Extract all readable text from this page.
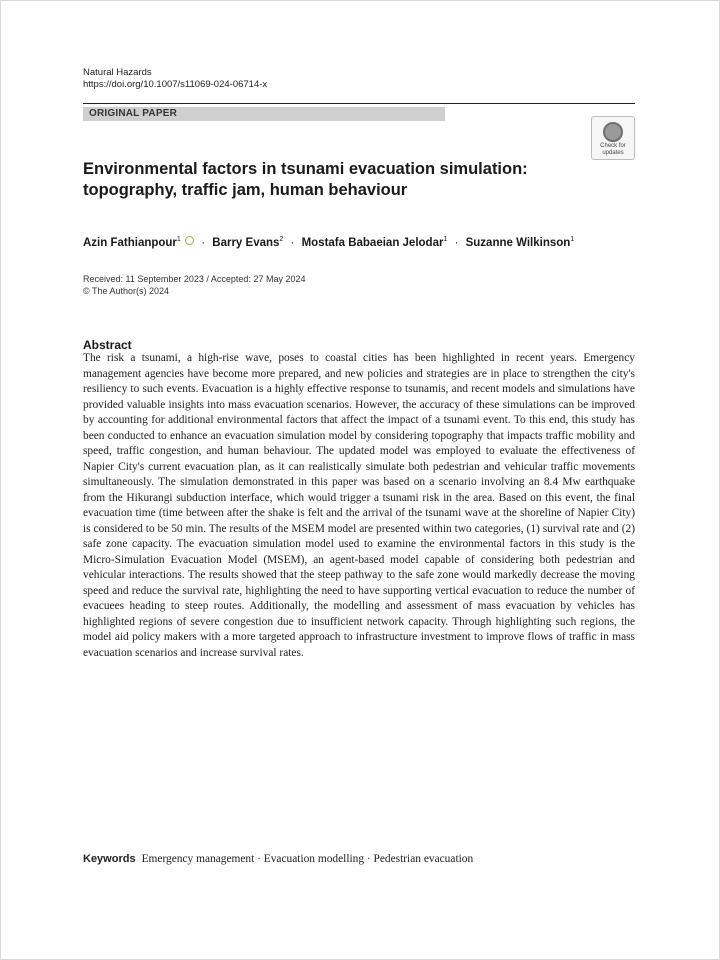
Natural Hazards
https://doi.org/10.1007/s11069-024-06714-x
ORIGINAL PAPER
Check for updates
Environmental factors in tsunami evacuation simulation: topography, traffic jam, human behaviour
Azin Fathianpour$^1$ · Barry Evans$^2$ · Mostafa Babaeian Jelodar$^1$ · Suzanne Wilkinson$^1$
Received: 11 September 2023 / Accepted: 27 May 2024
© The Author(s) 2024
Abstract

The risk a tsunami, a high-rise wave, poses to coastal cities has been highlighted in recent years. Emergency management agencies have become more prepared, and new policies and strategies are in place to strengthen the city's resiliency to such events. Evacuation is a highly effective response to tsunamis, and recent models and simulations have provided valuable insights into mass evacuation scenarios. However, the accuracy of these simulations can be improved by accounting for additional environmental factors that affect the impact of a tsunami event. To this end, this study has been conducted to enhance an evacuation simulation model by considering topography that impacts traffic mobility and speed, traffic congestion, and human behaviour. The updated model was employed to evaluate the effectiveness of Napier City's current evacuation plan, as it can realistically simulate both pedestrian and vehicular traffic movements simultaneously. The simulation demonstrated in this paper was based on a scenario involving an 8.4 Mw earthquake from the Hikurangi subduction interface, which would trigger a tsunami risk in the area. Based on this event, the final evacuation time (time between after the shake is felt and the arrival of the tsunami wave at the shoreline of Napier City) is considered to be 50 min. The results of the MSEM model are presented within two categories, (1) survival rate and (2) safe zone capacity. The evacuation simulation model used to examine the environmental factors in this study is the Micro-Simulation Evacuation Model (MSEM), an agent-based model capable of considering both pedestrian and vehicular interactions. The results showed that the steep pathway to the safe zone would markedly decrease the moving speed and reduce the survival rate, highlighting the need to have supporting vertical evacuation to reduce the number of evacuees heading to steep routes. Additionally, the modelling and assessment of mass evacuation by vehicles has highlighted regions of severe congestion due to insufficient network capacity. Through highlighting such regions, the model aid policy makers with a more targeted approach to infrastructure investment to improve flows of traffic in mass evacuation scenarios and increase survival rates.

Keywords Emergency management · Evacuation modelling · Pedestrian evacuation
